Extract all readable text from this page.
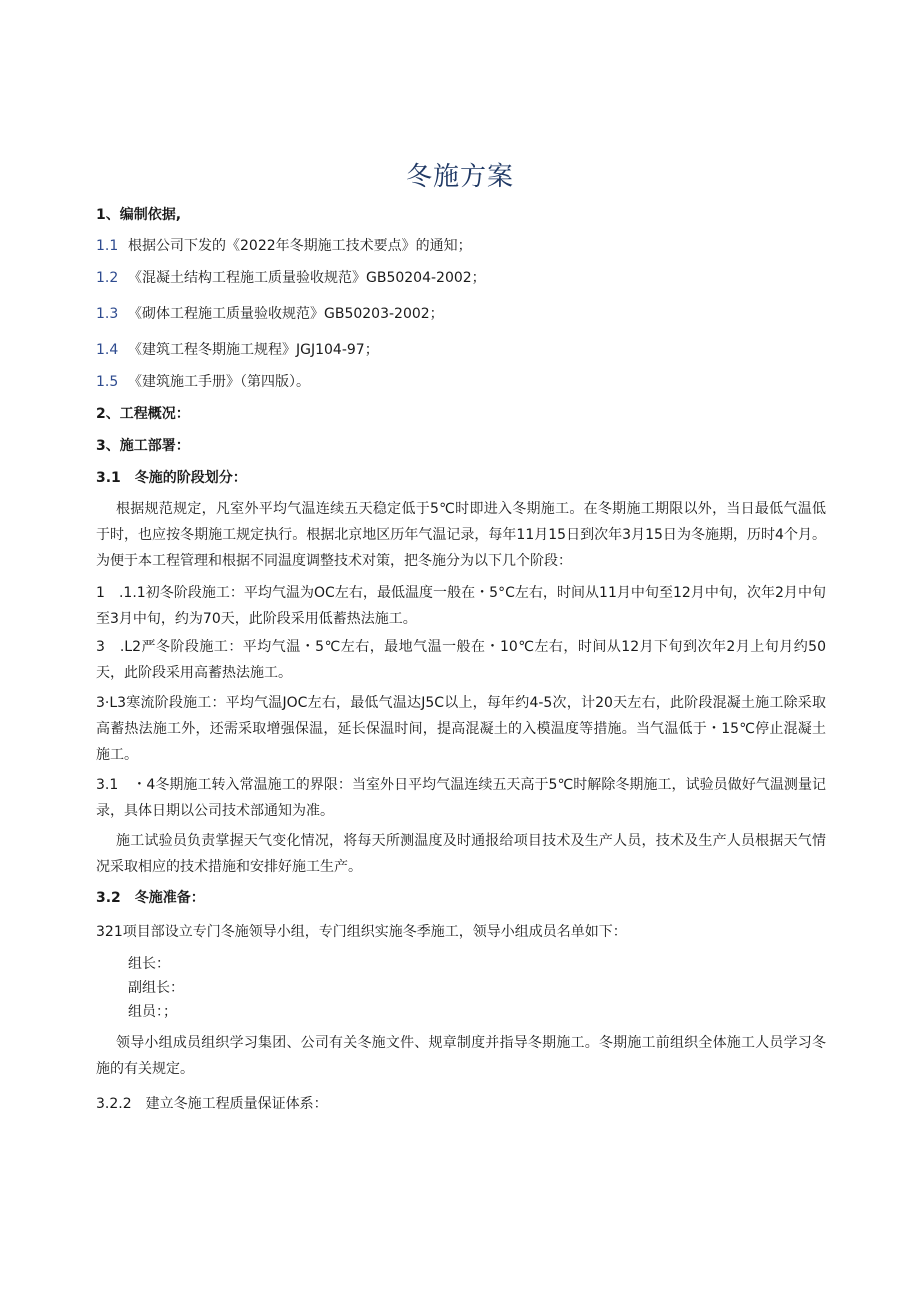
冬施方案
1、编制依据,
1.1 根据公司下发的《2022年冬期施工技术要点》的通知；
1.2 《混凝土结构工程施工质量验收规范》GB50204-2002；
1.3 《砌体工程施工质量验收规范》GB50203-2002；
1.4 《建筑工程冬期施工规程》JGJ104-97；
1.5 《建筑施工手册》（第四版）。
2、工程概况：
3、施工部署：
3.1　冬施的阶段划分：
根据规范规定，凡室外平均气温连续五天稳定低于5℃时即进入冬期施工。在冬期施工期限以外，当日最低气温低于时，也应按冬期施工规定执行。根据北京地区历年气温记录，每年11月15日到次年3月15日为冬施期，历时4个月。为便于本工程管理和根据不同温度调整技术对策，把冬施分为以下几个阶段：
1　.1.1初冬阶段施工：平均气温为OC左右，最低温度一般在・5°C左右，时间从11月中旬至12月中旬，次年2月中旬至3月中旬，约为70天，此阶段采用低蓄热法施工。
3　.L2严冬阶段施工：平均气温・5℃左右，最地气温一般在・10℃左右，时间从12月下旬到次年2月上旬月约50天，此阶段采用高蓄热法施工。
3·L3寒流阶段施工：平均气温JOC左右，最低气温达J5C以上，每年约4-5次，计20天左右，此阶段混凝土施工除采取高蓄热法施工外，还需采取增强保温，延长保温时间，提高混凝土的入模温度等措施。当气温低于・15℃停止混凝土施工。
3.1　・4冬期施工转入常温施工的界限：当室外日平均气温连续五天高于5℃时解除冬期施工，试验员做好气温测量记录，具体日期以公司技术部通知为准。
施工试验员负责掌握天气变化情况，将每天所测温度及时通报给项目技术及生产人员，技术及生产人员根据天气情况采取相应的技术措施和安排好施工生产。
3.2　冬施准备：
321项目部设立专门冬施领导小组，专门组织实施冬季施工，领导小组成员名单如下：
组长：
副组长：
组员：；
领导小组成员组织学习集团、公司有关冬施文件、规章制度并指导冬期施工。冬期施工前组织全体施工人员学习冬施的有关规定。
3.2.2　建立冬施工程质量保证体系：
